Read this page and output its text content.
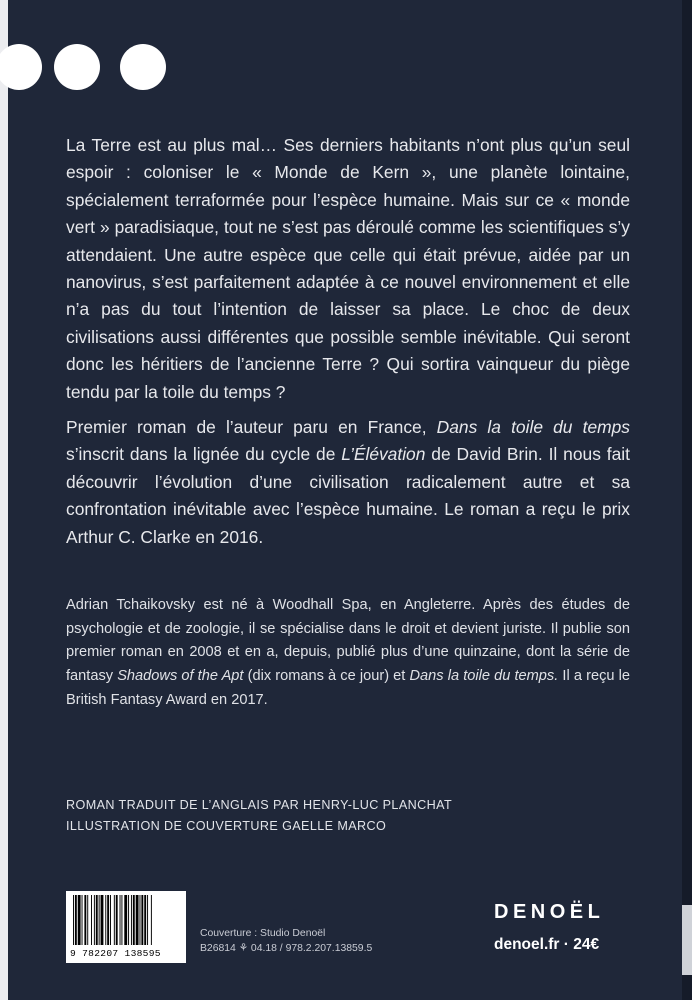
La Terre est au plus mal… Ses derniers habitants n’ont plus qu’un seul espoir : coloniser le « Monde de Kern », une planète lointaine, spécialement terraformée pour l’espèce humaine. Mais sur ce « monde vert » paradisiaque, tout ne s’est pas déroulé comme les scientifiques s’y attendaient. Une autre espèce que celle qui était prévue, aidée par un nanovirus, s’est parfaitement adaptée à ce nouvel environnement et elle n’a pas du tout l’intention de laisser sa place. Le choc de deux civilisations aussi différentes que possible semble inévitable. Qui seront donc les héritiers de l’ancienne Terre ? Qui sortira vainqueur du piège tendu par la toile du temps ?

Premier roman de l’auteur paru en France, Dans la toile du temps s’inscrit dans la lignée du cycle de L’Élévation de David Brin. Il nous fait découvrir l’évolution d’une civilisation radicalement autre et sa confrontation inévitable avec l’espèce humaine. Le roman a reçu le prix Arthur C. Clarke en 2016.

Adrian Tchaikovsky est né à Woodhall Spa, en Angleterre. Après des études de psychologie et de zoologie, il se spécialise dans le droit et devient juriste. Il publie son premier roman en 2008 et en a, depuis, publié plus d’une quinzaine, dont la série de fantasy Shadows of the Apt (dix romans à ce jour) et Dans la toile du temps. Il a reçu le British Fantasy Award en 2017.

ROMAN TRADUIT DE L’ANGLAIS PAR HENRY-LUC PLANCHAT
ILLUSTRATION DE COUVERTURE GAELLE MARCO
9 782207 138595
Couverture : Studio Denoël
B26814 ⚘ 04.18 / 978.2.207.13859.5
DENOËL
denoel.fr · 24€
